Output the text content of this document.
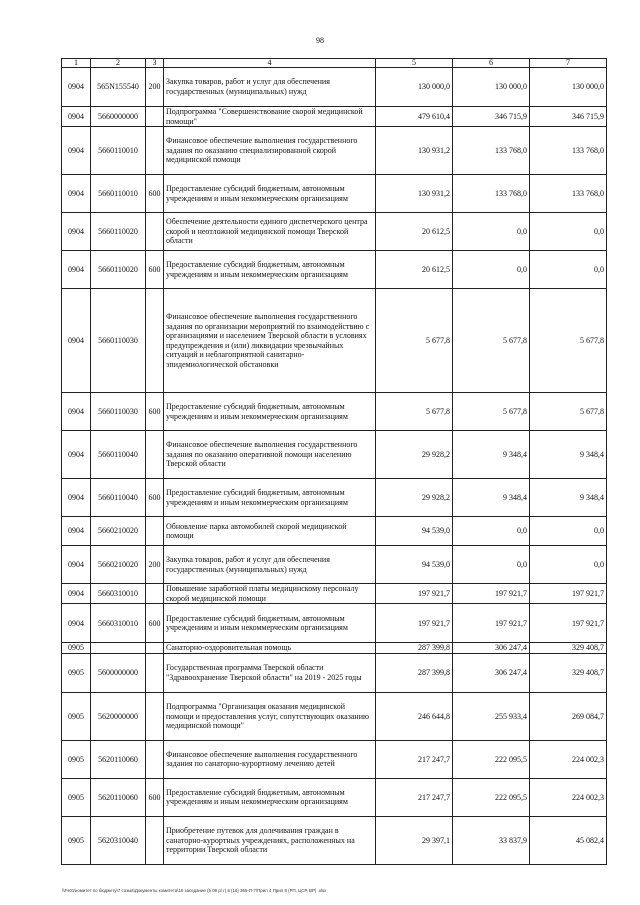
98
1	2	3	4	5	6	7
0904	565N155540	200	Закупка товаров, работ и услуг для обеспечения государственных (муниципальных) нужд	130 000,0	130 000,0	130 000,0
0904	5660000000		Подпрограмма "Совершенствование скорой медицинской помощи"	479 610,4	346 715,9	346 715,9
0904	5660110010		Финансовое обеспечение выполнения государственного задания по оказанию специализированной скорой медицинской помощи	130 931,2	133 768,0	133 768,0
0904	5660110010	600	Предоставление субсидий бюджетным, автономным учреждениям и иным некоммерческим организациям	130 931,2	133 768,0	133 768,0
0904	5660110020		Обеспечение деятельности единого диспетчерского центра скорой и неотложной медицинской помощи Тверской области	20 612,5	0,0	0,0
0904	5660110020	600	Предоставление субсидий бюджетным, автономным учреждениям и иным некоммерческим организациям	20 612,5	0,0	0,0
0904	5660110030		Финансовое обеспечение выполнения государственного задания по организации мероприятий по взаимодействию с организациями и населением Тверской области в условиях предупреждения и (или) ликвидации чрезвычайных ситуаций и неблагоприятной санитарно-эпидемиологической обстановки	5 677,8	5 677,8	5 677,8
0904	5660110030	600	Предоставление субсидий бюджетным, автономным учреждениям и иным некоммерческим организациям	5 677,8	5 677,8	5 677,8
0904	5660110040		Финансовое обеспечение выполнения государственного задания по оказанию оперативной помощи населению Тверской области	29 928,2	9 348,4	9 348,4
0904	5660110040	600	Предоставление субсидий бюджетным, автономным учреждениям и иным некоммерческим организациям	29 928,2	9 348,4	9 348,4
0904	5660210020		Обновление парка автомобилей скорой медицинской помощи	94 539,0	0,0	0,0
0904	5660210020	200	Закупка товаров, работ и услуг для обеспечения государственных (муниципальных) нужд	94 539,0	0,0	0,0
0904	5660310010		Повышение заработной платы медицинскому персоналу скорой медицинской помощи	197 921,7	197 921,7	197 921,7
0904	5660310010	600	Предоставление субсидий бюджетным, автономным учреждениям и иным некоммерческим организациям	197 921,7	197 921,7	197 921,7
0905			Санаторно-оздоровительная помощь	287 399,8	306 247,4	329 408,7
0905	5600000000		Государственная программа Тверской области "Здравоохранение Тверской области" на 2019 - 2025 годы	287 399,8	306 247,4	329 408,7
0905	5620000000		Подпрограмма "Организация оказания медицинской помощи и предоставления услуг, сопутствующих оказанию медицинской помощи"	246 644,8	255 933,4	269 084,7
0905	5620110060		Финансовое обеспечение выполнения государственного задания по санаторно-курортному лечению детей	217 247,7	222 095,5	224 002,3
0905	5620110060	600	Предоставление субсидий бюджетным, автономным учреждениям и иным некоммерческим организациям	217 247,7	222 095,5	224 002,3
0905	5620310040		Приобретение путевок для долечивания граждан в санаторно-курортных учреждениях, расположенных на территории Тверской области	29 397,1	33 837,9	45 082,4
\\Fs01\комитет по бюджету\7 созыв\Документы комитета\16 заседание (5.09 р/ г) в (16) 365-П-7\Прил 4 Прил 8 (РП, ЦСР, ВР) .xlsx
